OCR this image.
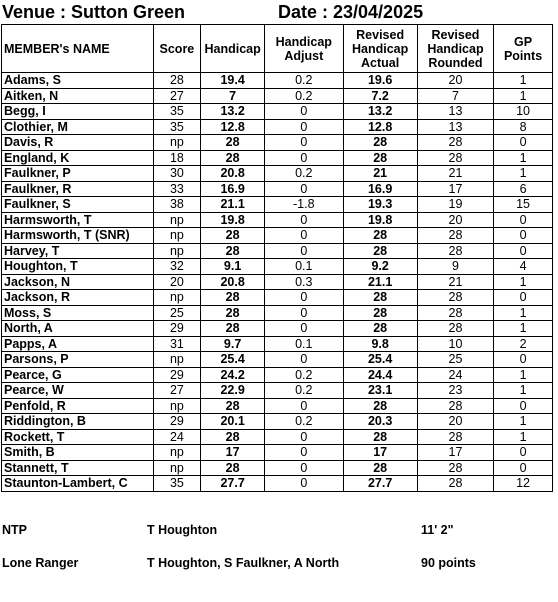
Venue : Sutton Green	Date : 23/04/2025
MEMBER's NAME	Score	Handicap	Handicap Adjust	Revised Handicap Actual	Revised Handicap Rounded	GP Points
Adams, S	28	19.4	0.2	19.6	20	1
Aitken, N	27	7	0.2	7.2	7	1
Begg, I	35	13.2	0	13.2	13	10
Clothier, M	35	12.8	0	12.8	13	8
Davis, R	np	28	0	28	28	0
England, K	18	28	0	28	28	1
Faulkner, P	30	20.8	0.2	21	21	1
Faulkner, R	33	16.9	0	16.9	17	6
Faulkner, S	38	21.1	-1.8	19.3	19	15
Harmsworth, T	np	19.8	0	19.8	20	0
Harmsworth, T (SNR)	np	28	0	28	28	0
Harvey, T	np	28	0	28	28	0
Houghton, T	32	9.1	0.1	9.2	9	4
Jackson, N	20	20.8	0.3	21.1	21	1
Jackson, R	np	28	0	28	28	0
Moss, S	25	28	0	28	28	1
North, A	29	28	0	28	28	1
Papps, A	31	9.7	0.1	9.8	10	2
Parsons, P	np	25.4	0	25.4	25	0
Pearce, G	29	24.2	0.2	24.4	24	1
Pearce, W	27	22.9	0.2	23.1	23	1
Penfold, R	np	28	0	28	28	0
Riddington, B	29	20.1	0.2	20.3	20	1
Rockett, T	24	28	0	28	28	1
Smith, B	np	17	0	17	17	0
Stannett, T	np	28	0	28	28	0
Staunton-Lambert, C	35	27.7	0	27.7	28	12
NTP	T Houghton	11' 2"
Lone Ranger	T Houghton, S Faulkner, A North	90 points
